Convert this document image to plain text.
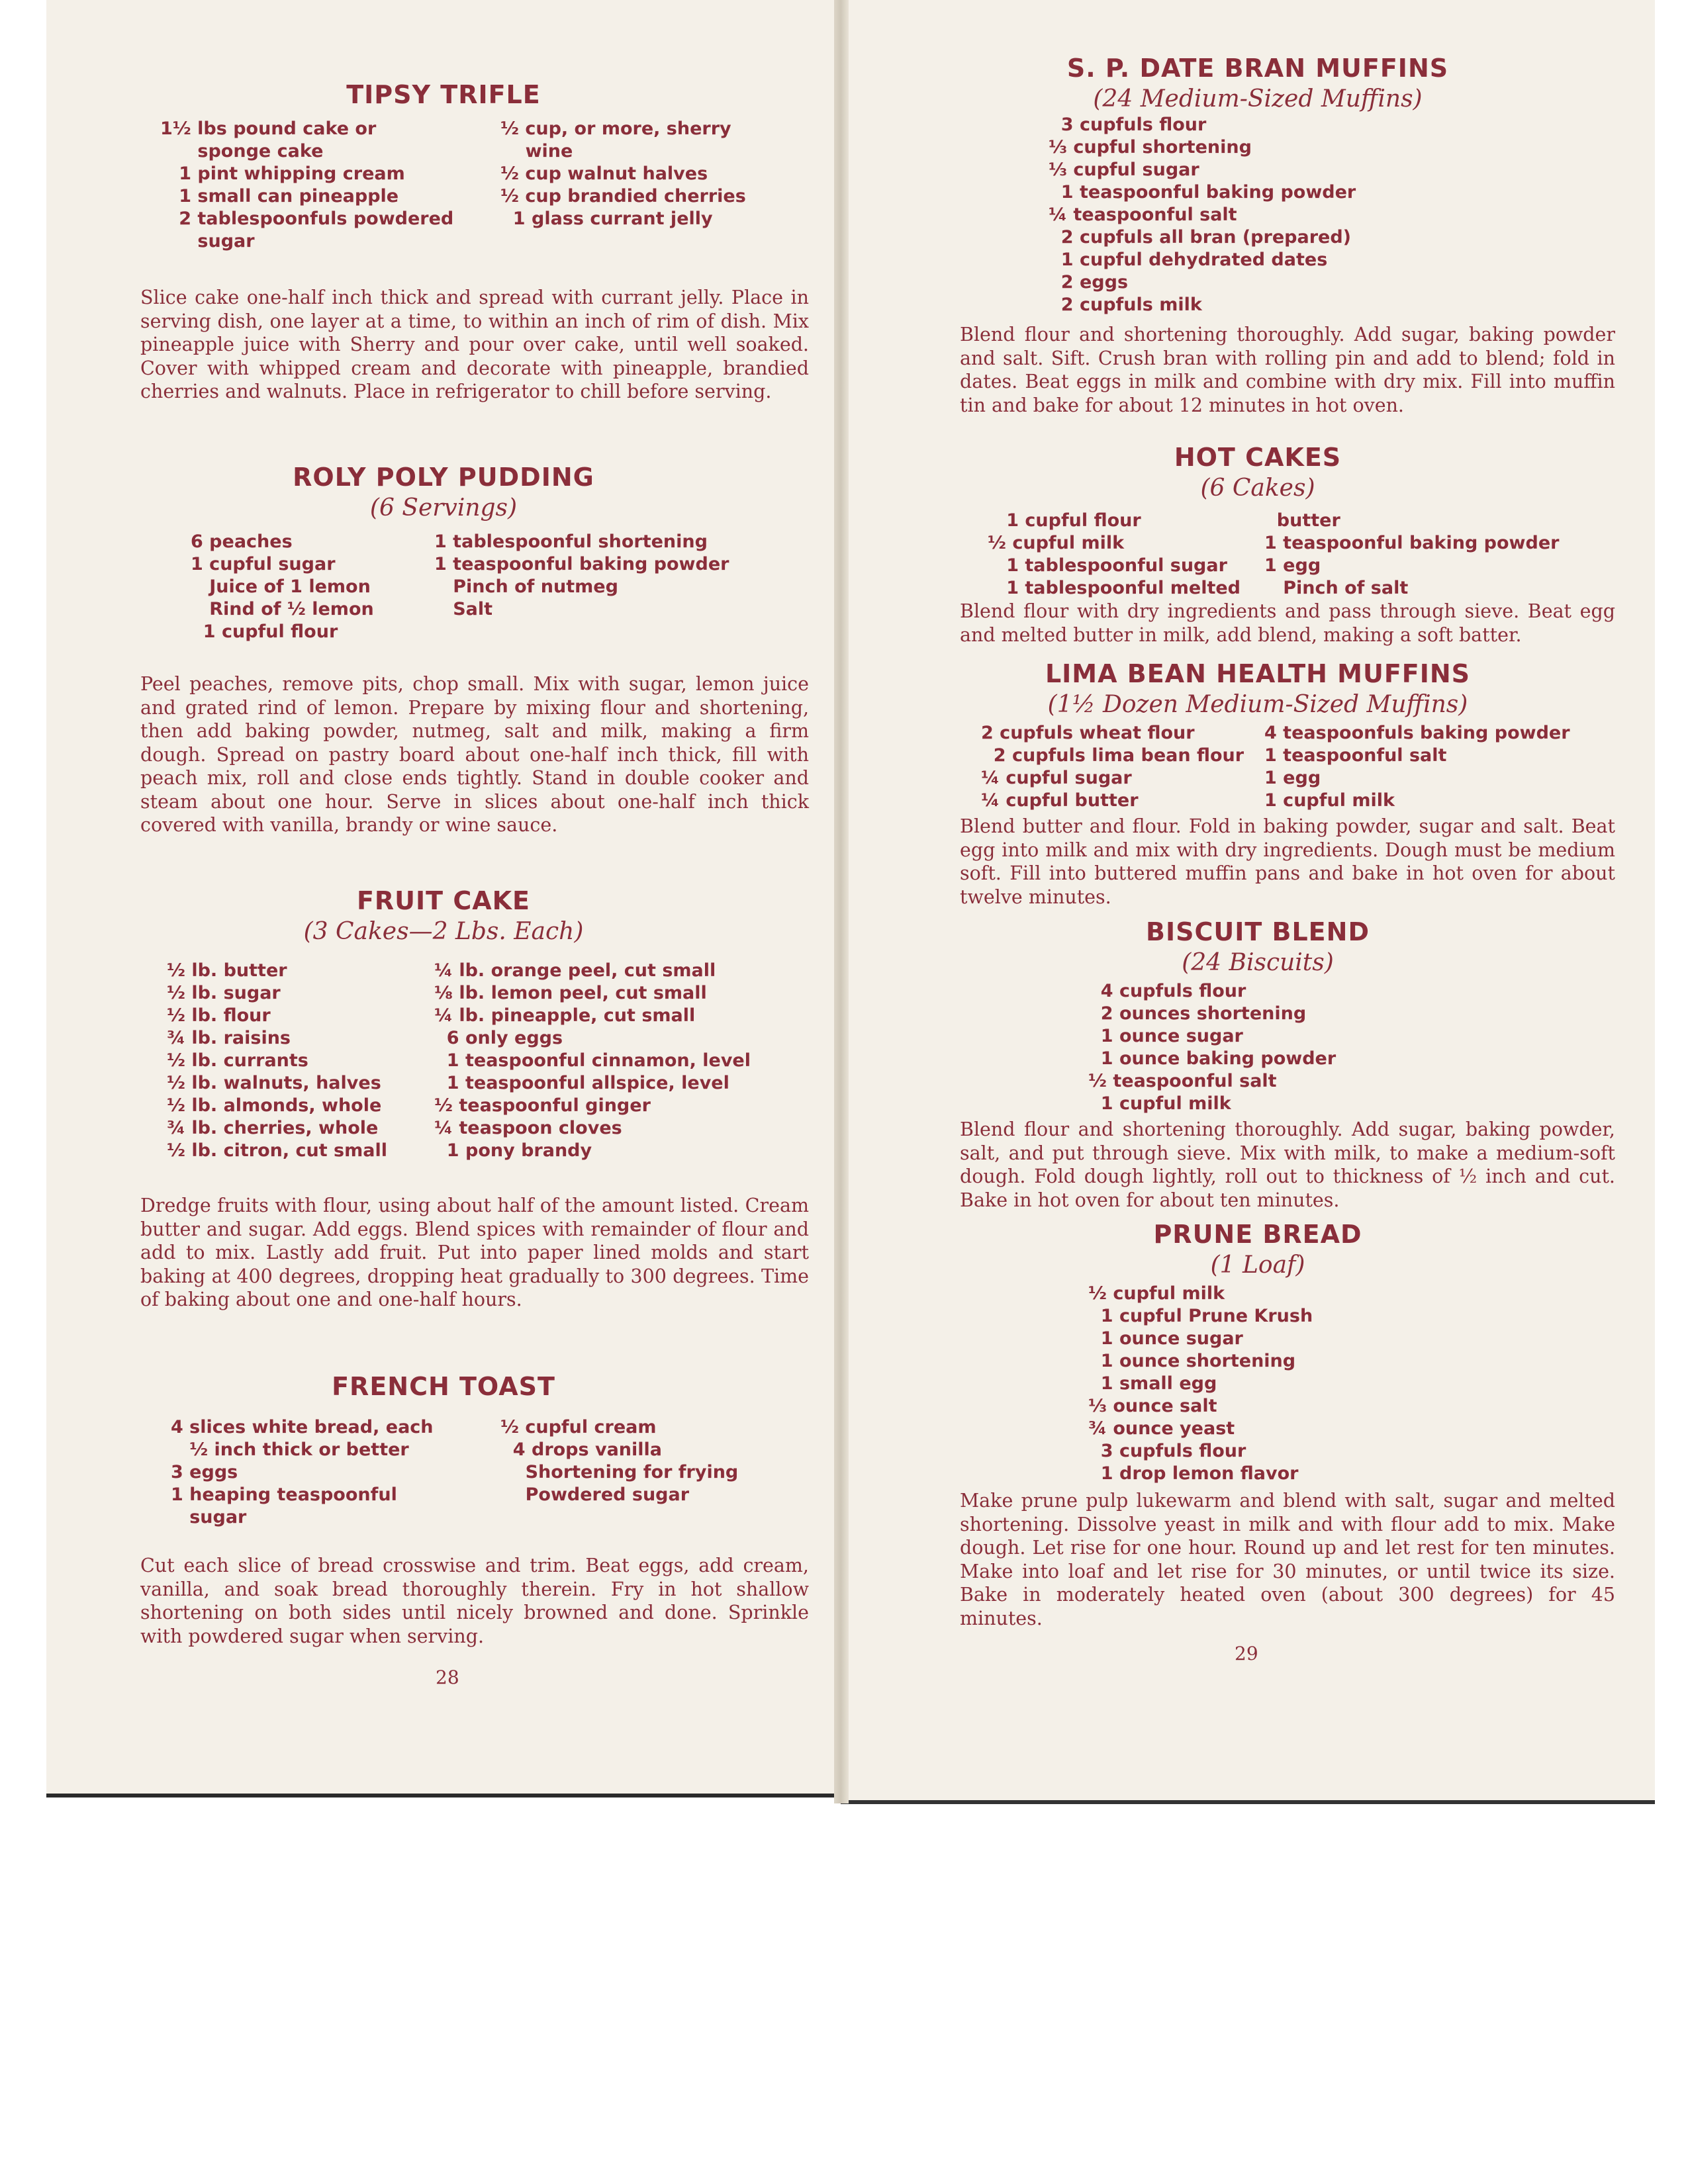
TIPSY TRIFLE
1½ lbs pound cake or
sponge cake
1 pint whipping cream
1 small can pineapple
2 tablespoonfuls powdered
sugar
½ cup, or more, sherry
wine
½ cup walnut halves
½ cup brandied cherries
1 glass currant jelly

Slice cake one-half inch thick and spread with currant jelly. Place in serving dish, one layer at a time, to within an inch of rim of dish. Mix pineapple juice with Sherry and pour over cake, until well soaked. Cover with whipped cream and decorate with pineapple, brandied cherries and walnuts. Place in refrigerator to chill before serving.

ROLY POLY PUDDING

(6 Servings)

6 peaches
1 cupful sugar
Juice of 1 lemon
Rind of ½ lemon
1 cupful flour
1 tablespoonful shortening
1 teaspoonful baking powder
Pinch of nutmeg
Salt

Peel peaches, remove pits, chop small. Mix with sugar, lemon juice and grated rind of lemon. Prepare by mixing flour and shortening, then add baking powder, nutmeg, salt and milk, making a firm dough. Spread on pastry board about one-half inch thick, fill with peach mix, roll and close ends tightly. Stand in double cooker and steam about one hour. Serve in slices about one-half inch thick covered with vanilla, brandy or wine sauce.

FRUIT CAKE

(3 Cakes—2 Lbs. Each)

½ lb. butter
½ lb. sugar
½ lb. flour
¾ lb. raisins
½ lb. currants
½ lb. walnuts, halves
½ lb. almonds, whole
¾ lb. cherries, whole
½ lb. citron, cut small
¼ lb. orange peel, cut small
⅛ lb. lemon peel, cut small
¼ lb. pineapple, cut small
6 only eggs
1 teaspoonful cinnamon, level
1 teaspoonful allspice, level
½ teaspoonful ginger
¼ teaspoon cloves
1 pony brandy

Dredge fruits with flour, using about half of the amount listed. Cream butter and sugar. Add eggs. Blend spices with remainder of flour and add to mix. Lastly add fruit. Put into paper lined molds and start baking at 400 degrees, dropping heat gradually to 300 degrees. Time of baking about one and one-half hours.

FRENCH TOAST
4 slices white bread, each
½ inch thick or better
3 eggs
1 heaping teaspoonful
sugar
½ cupful cream
4 drops vanilla
Shortening for frying
Powdered sugar

Cut each slice of bread crosswise and trim. Beat eggs, add cream, vanilla, and soak bread thoroughly therein. Fry in hot shallow shortening on both sides until nicely browned and done. Sprinkle with powdered sugar when serving.

28
S. P. DATE BRAN MUFFINS

(24 Medium-Sized Muffins)

3 cupfuls flour
⅓ cupful shortening
⅓ cupful sugar
1 teaspoonful baking powder
¼ teaspoonful salt
2 cupfuls all bran (prepared)
1 cupful dehydrated dates
2 eggs
2 cupfuls milk

Blend flour and shortening thoroughly. Add sugar, baking powder and salt. Sift. Crush bran with rolling pin and add to blend; fold in dates. Beat eggs in milk and combine with dry mix. Fill into muffin tin and bake for about 12 minutes in hot oven.

HOT CAKES

(6 Cakes)

1 cupful flour
½ cupful milk
1 tablespoonful sugar
1 tablespoonful melted
butter
1 teaspoonful baking powder
1 egg
Pinch of salt

Blend flour with dry ingredients and pass through sieve. Beat egg and melted butter in milk, add blend, making a soft batter.

LIMA BEAN HEALTH MUFFINS

(1½ Dozen Medium-Sized Muffins)

2 cupfuls wheat flour
2 cupfuls lima bean flour
¼ cupful sugar
¼ cupful butter
4 teaspoonfuls baking powder
1 teaspoonful salt
1 egg
1 cupful milk

Blend butter and flour. Fold in baking powder, sugar and salt. Beat egg into milk and mix with dry ingredients. Dough must be medium soft. Fill into buttered muffin pans and bake in hot oven for about twelve minutes.

BISCUIT BLEND

(24 Biscuits)

4 cupfuls flour
2 ounces shortening
1 ounce sugar
1 ounce baking powder
½ teaspoonful salt
1 cupful milk

Blend flour and shortening thoroughly. Add sugar, baking powder, salt, and put through sieve. Mix with milk, to make a medium-soft dough. Fold dough lightly, roll out to thickness of ½ inch and cut. Bake in hot oven for about ten minutes.

PRUNE BREAD

(1 Loaf)

½ cupful milk
1 cupful Prune Krush
1 ounce sugar
1 ounce shortening
1 small egg
⅓ ounce salt
¾ ounce yeast
3 cupfuls flour
1 drop lemon flavor

Make prune pulp lukewarm and blend with salt, sugar and melted shortening. Dissolve yeast in milk and with flour add to mix. Make dough. Let rise for one hour. Round up and let rest for ten minutes. Make into loaf and let rise for 30 minutes, or until twice its size. Bake in moderately heated oven (about 300 degrees) for 45 minutes.

29
